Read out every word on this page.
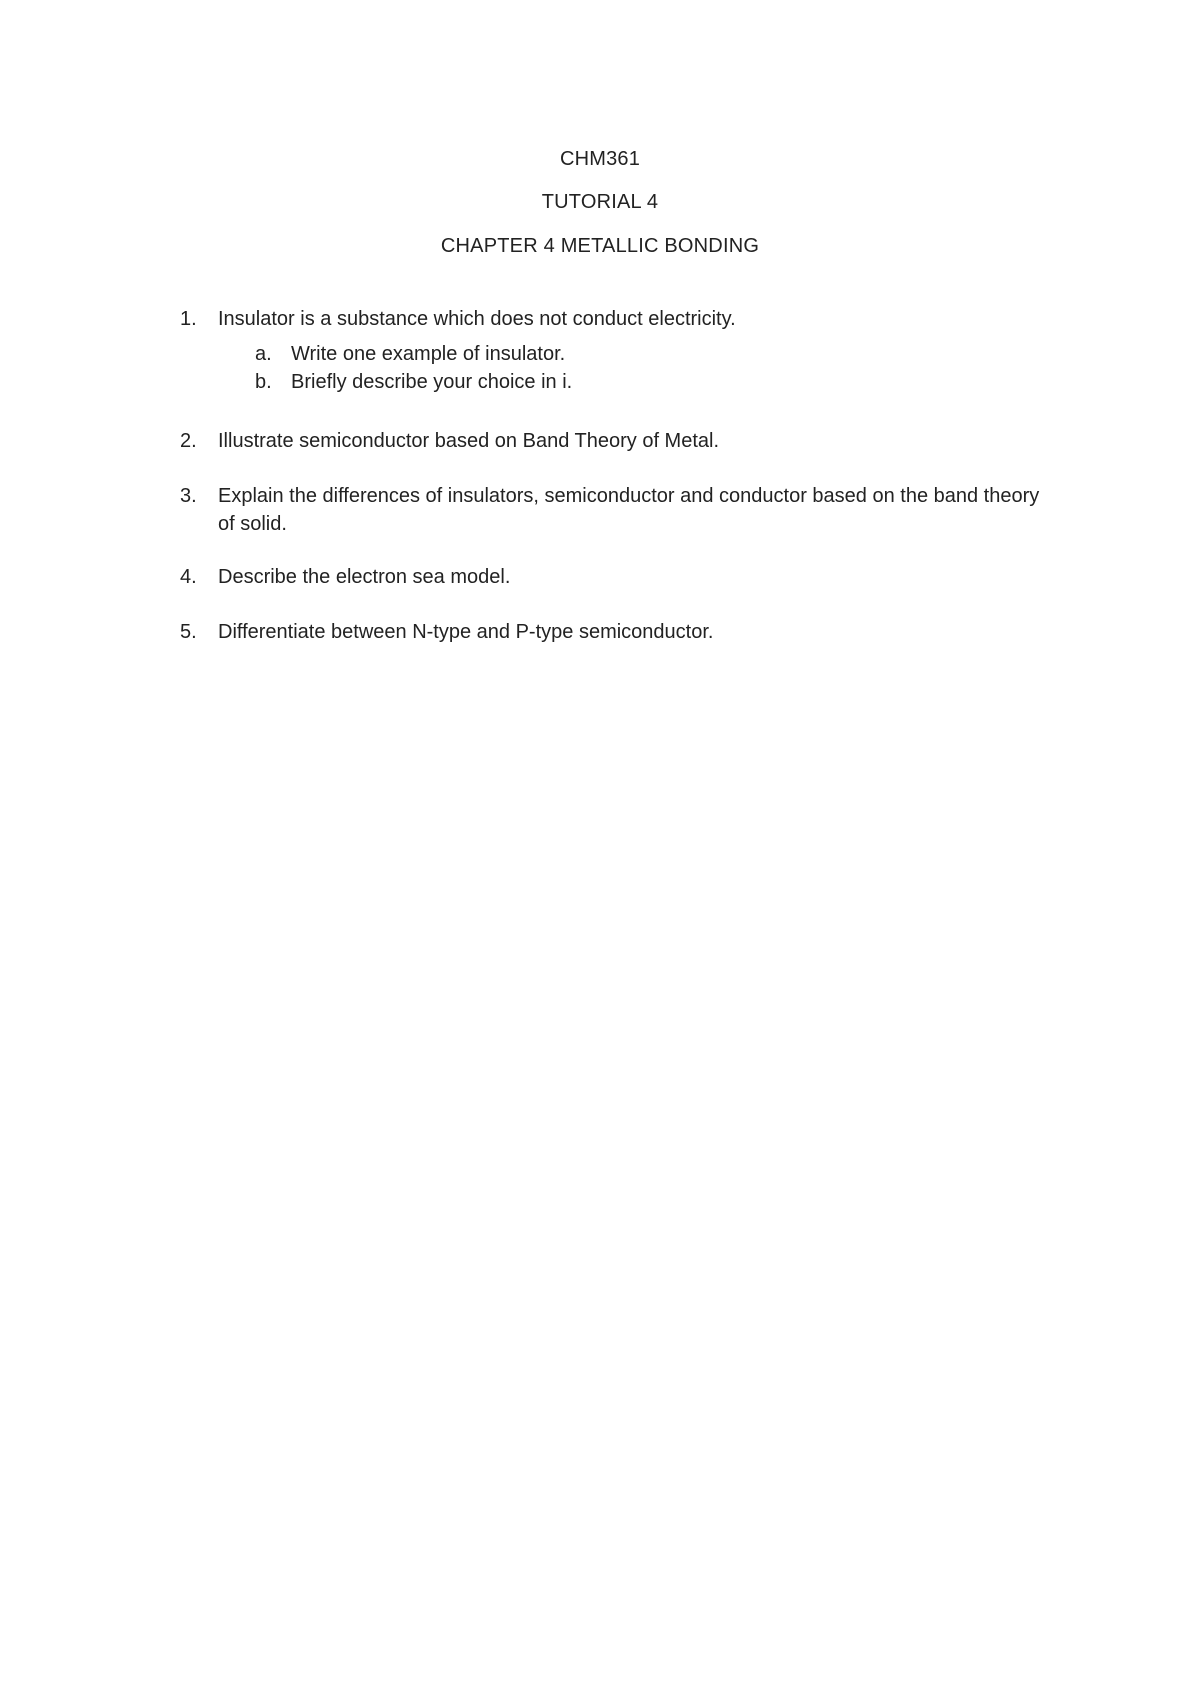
CHM361
TUTORIAL 4
CHAPTER 4 METALLIC BONDING
1.	Insulator is a substance which does not conduct electricity.
a. Write one example of insulator.
b. Briefly describe your choice in i.
2.	Illustrate semiconductor based on Band Theory of Metal.
3.	Explain the differences of insulators, semiconductor and conductor based on the band theory of solid.
4.	Describe the electron sea model.
5.	Differentiate between N-type and P-type semiconductor.
